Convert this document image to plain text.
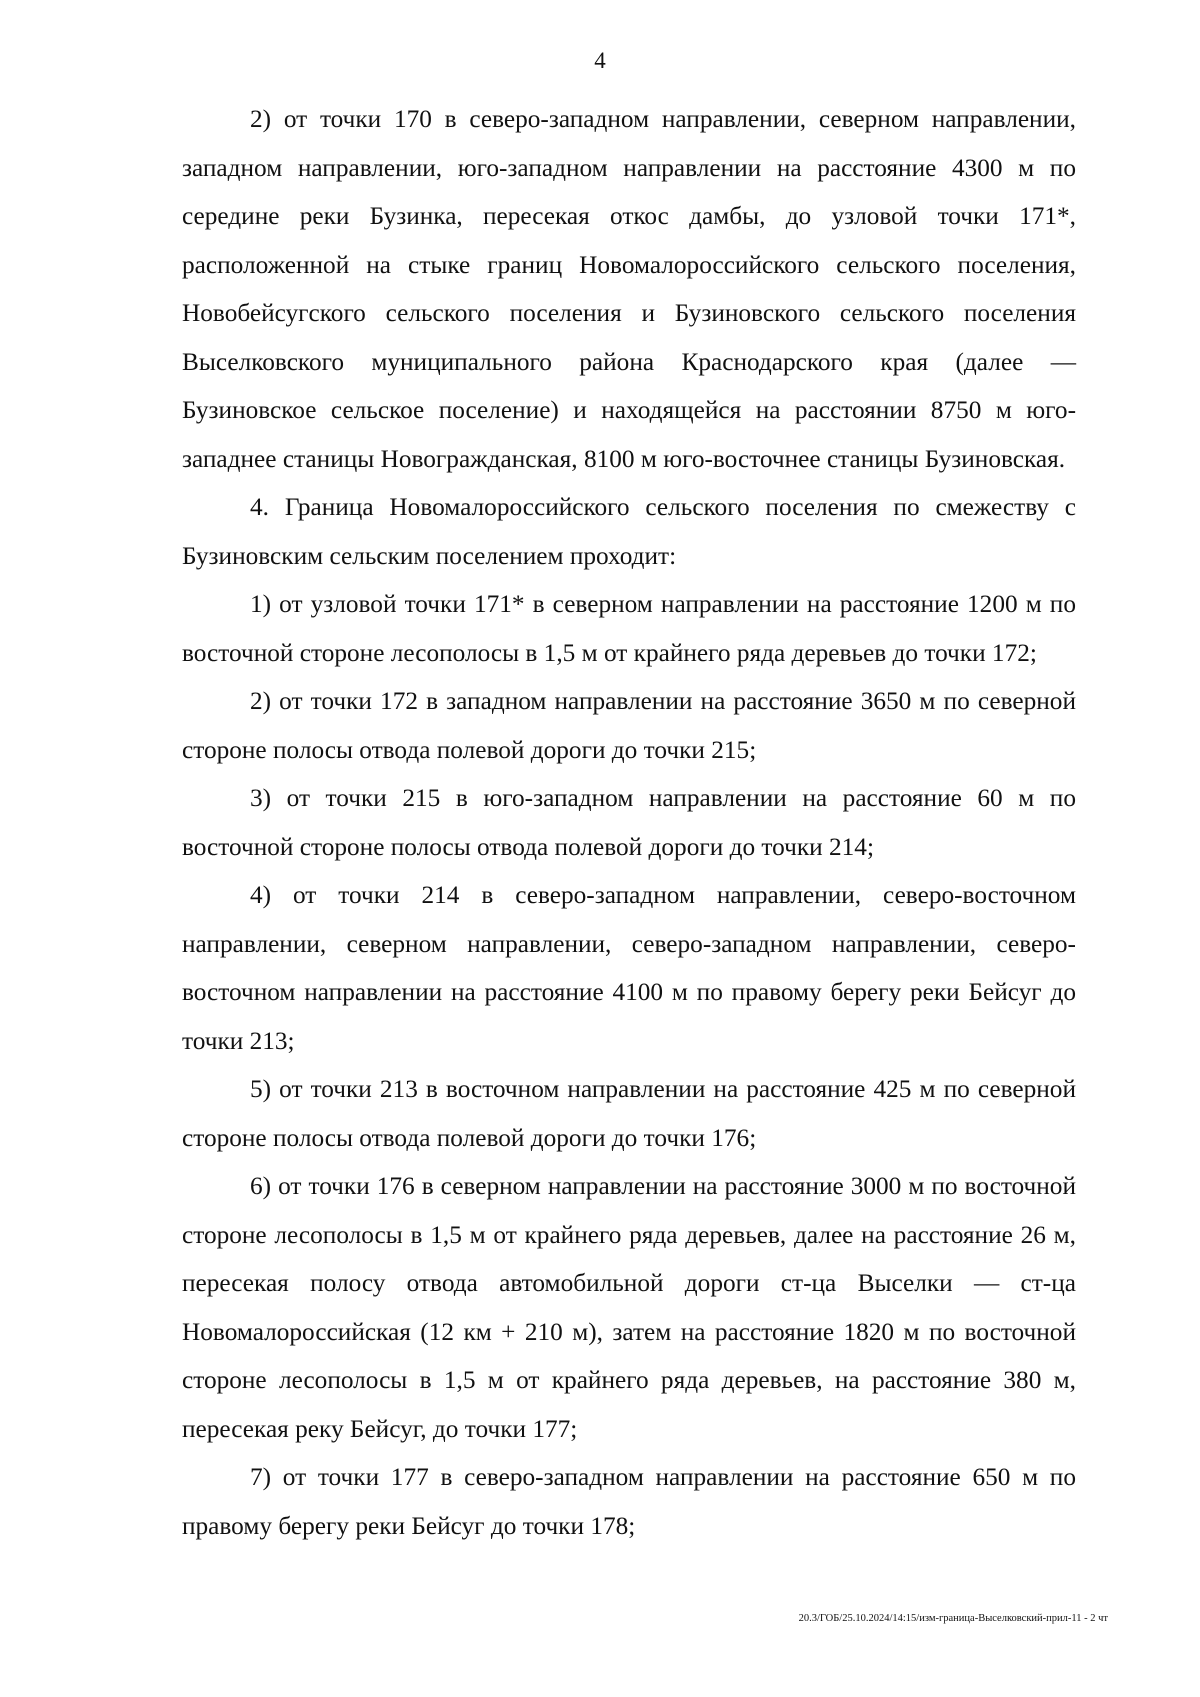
4

2) от точки 170 в северо-западном направлении, северном направлении, западном направлении, юго-западном направлении на расстояние 4300 м по середине реки Бузинка, пересекая откос дамбы, до узловой точки 171*, расположенной на стыке границ Новомалороссийского сельского поселения, Новобейсугского сельского поселения и Бузиновского сельского поселения Выселковского муниципального района Краснодарского края (далее — Бузиновское сельское поселение) и находящейся на расстоянии 8750 м юго-западнее станицы Новогражданская, 8100 м юго-восточнее станицы Бузиновская.

4. Граница Новомалороссийского сельского поселения по смежеству с Бузиновским сельским поселением проходит:

1) от узловой точки 171* в северном направлении на расстояние 1200 м по восточной стороне лесополосы в 1,5 м от крайнего ряда деревьев до точки 172;

2) от точки 172 в западном направлении на расстояние 3650 м по северной стороне полосы отвода полевой дороги до точки 215;

3) от точки 215 в юго-западном направлении на расстояние 60 м по восточной стороне полосы отвода полевой дороги до точки 214;

4) от точки 214 в северо-западном направлении, северо-восточном направлении, северном направлении, северо-западном направлении, северо-восточном направлении на расстояние 4100 м по правому берегу реки Бейсуг до точки 213;

5) от точки 213 в восточном направлении на расстояние 425 м по северной стороне полосы отвода полевой дороги до точки 176;

6) от точки 176 в северном направлении на расстояние 3000 м по восточной стороне лесополосы в 1,5 м от крайнего ряда деревьев, далее на расстояние 26 м, пересекая полосу отвода автомобильной дороги ст-ца Выселки — ст-ца Новомалороссийская (12 км + 210 м), затем на расстояние 1820 м по восточной стороне лесополосы в 1,5 м от крайнего ряда деревьев, на расстояние 380 м, пересекая реку Бейсуг, до точки 177;

7) от точки 177 в северо-западном направлении на расстояние 650 м по правому берегу реки Бейсуг до точки 178;

20.3/ГОБ/25.10.2024/14:15/изм-граница-Выселковский-прил-11 - 2 чт
